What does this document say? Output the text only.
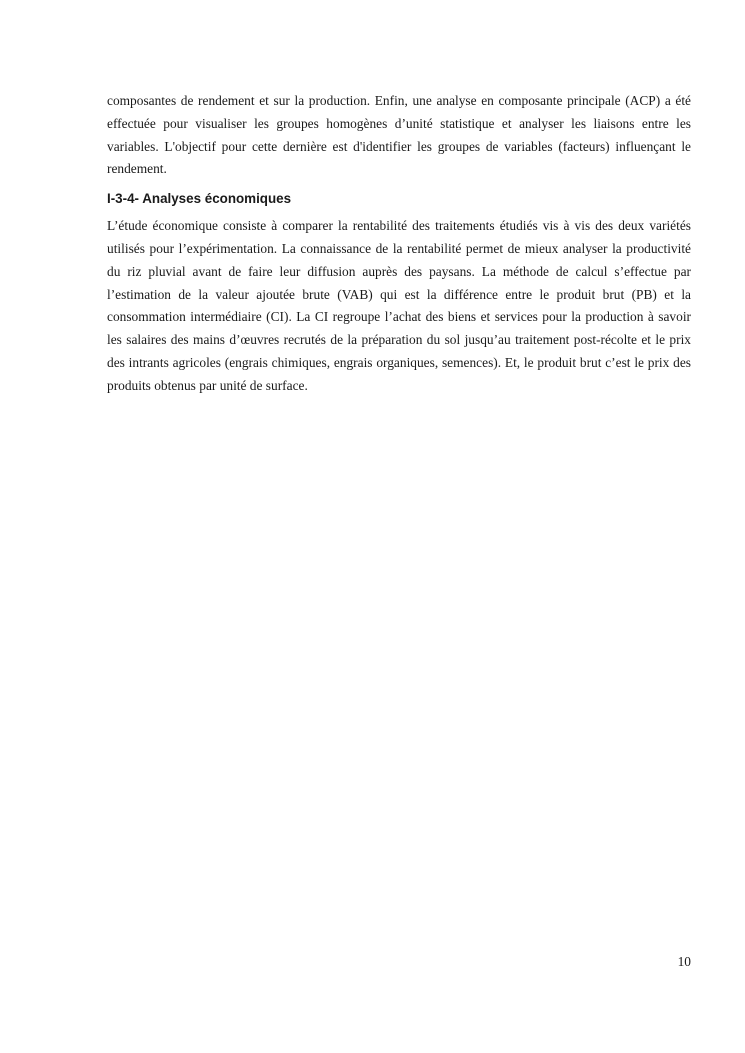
composantes de rendement et sur la production. Enfin, une analyse en composante principale (ACP) a été effectuée pour visualiser les groupes homogènes d’unité statistique et analyser les liaisons entre les variables. L'objectif pour cette dernière est d'identifier les groupes de variables (facteurs) influençant le rendement.

I-3-4- Analyses économiques

L’étude économique consiste à comparer la rentabilité des traitements étudiés vis à vis des deux variétés utilisés pour l’expérimentation. La connaissance de la rentabilité permet de mieux analyser la productivité du riz pluvial avant de faire leur diffusion auprès des paysans. La méthode de calcul s’effectue par l’estimation de la valeur ajoutée brute (VAB) qui est la différence entre le produit brut (PB) et la consommation intermédiaire (CI). La CI regroupe l’achat des biens et services pour la production à savoir les salaires des mains d’œuvres recrutés de la préparation du sol jusqu’au traitement post-récolte et le prix des intrants agricoles (engrais chimiques, engrais organiques, semences). Et, le produit brut c’est le prix des produits obtenus par unité de surface.

10
